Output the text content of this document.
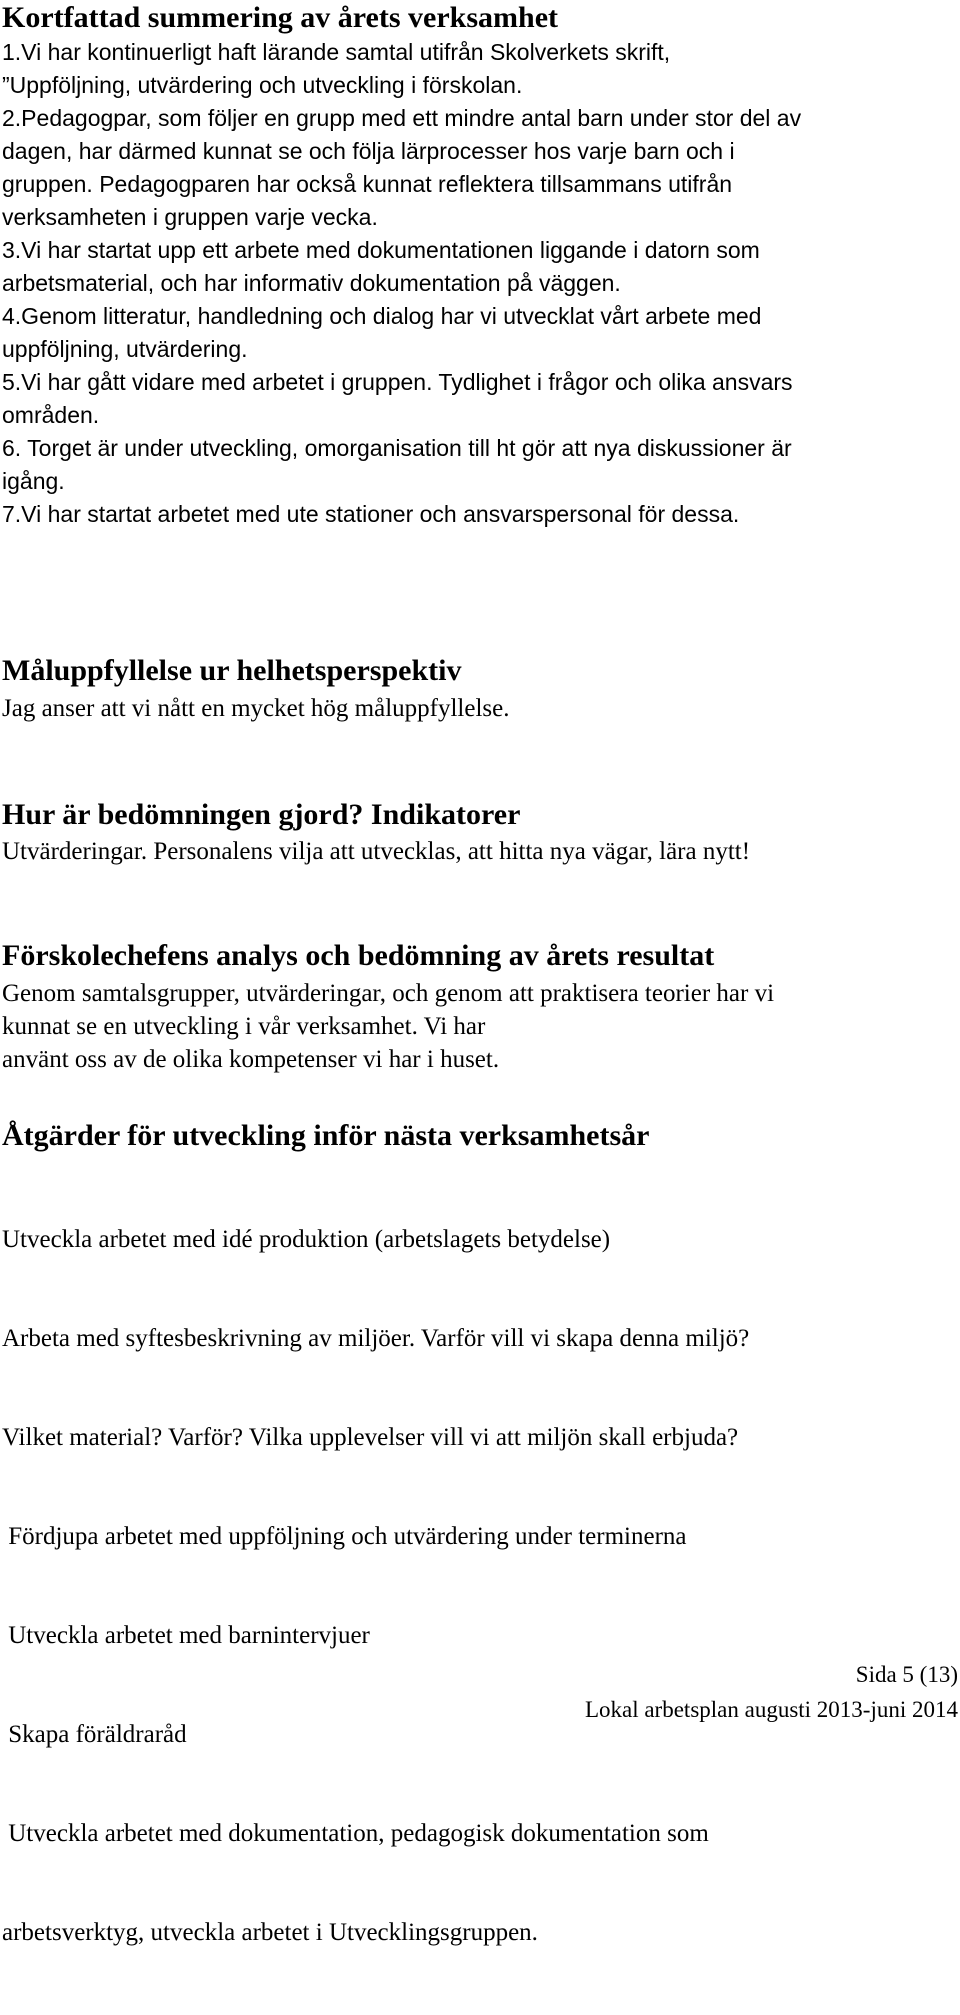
Kortfattad summering av årets verksamhet
1.Vi har kontinuerligt haft lärande samtal utifrån Skolverkets skrift,
”Uppföljning, utvärdering och utveckling i förskolan.
2.Pedagogpar, som följer en grupp med ett mindre antal barn under stor del av
dagen, har därmed kunnat se och följa lärprocesser hos varje barn och i
gruppen. Pedagogparen har också kunnat reflektera tillsammans utifrån
verksamheten i gruppen varje vecka.
3.Vi har startat upp ett arbete med dokumentationen liggande i datorn som
arbetsmaterial, och har informativ dokumentation på väggen.
4.Genom litteratur, handledning och dialog har vi utvecklat vårt arbete med
uppföljning, utvärdering.
5.Vi har gått vidare med arbetet i gruppen. Tydlighet i frågor och olika ansvars
områden.
6. Torget är under utveckling, omorganisation till ht gör att nya diskussioner är
igång.
7.Vi har startat arbetet med ute stationer och ansvarspersonal för dessa.
Måluppfyllelse ur helhetsperspektiv
Jag anser att vi nått en mycket hög måluppfyllelse.
Hur är bedömningen gjord? Indikatorer
Utvärderingar. Personalens vilja att utvecklas, att hitta nya vägar, lära nytt!
Förskolechefens analys och bedömning av årets resultat
Genom samtalsgrupper, utvärderingar, och genom att praktisera teorier har vi
kunnat se en utveckling i vår verksamhet. Vi har
använt oss av de olika kompetenser vi har i huset.
Åtgärder för utveckling inför nästa verksamhetsår

Utveckla arbetet med idé produktion (arbetslagets betydelse)

Arbeta med syftesbeskrivning av miljöer. Varför vill vi skapa denna miljö?

Vilket material? Varför? Vilka upplevelser vill vi att miljön skall erbjuda?

Fördjupa arbetet med uppföljning och utvärdering under terminerna

Utveckla arbetet med barnintervjuer

Skapa föräldraråd

Utveckla arbetet med dokumentation, pedagogisk dokumentation som

arbetsverktyg, utveckla arbetet i Utvecklingsgruppen.

Sida 5 (13)
Lokal arbetsplan augusti 2013-juni 2014
